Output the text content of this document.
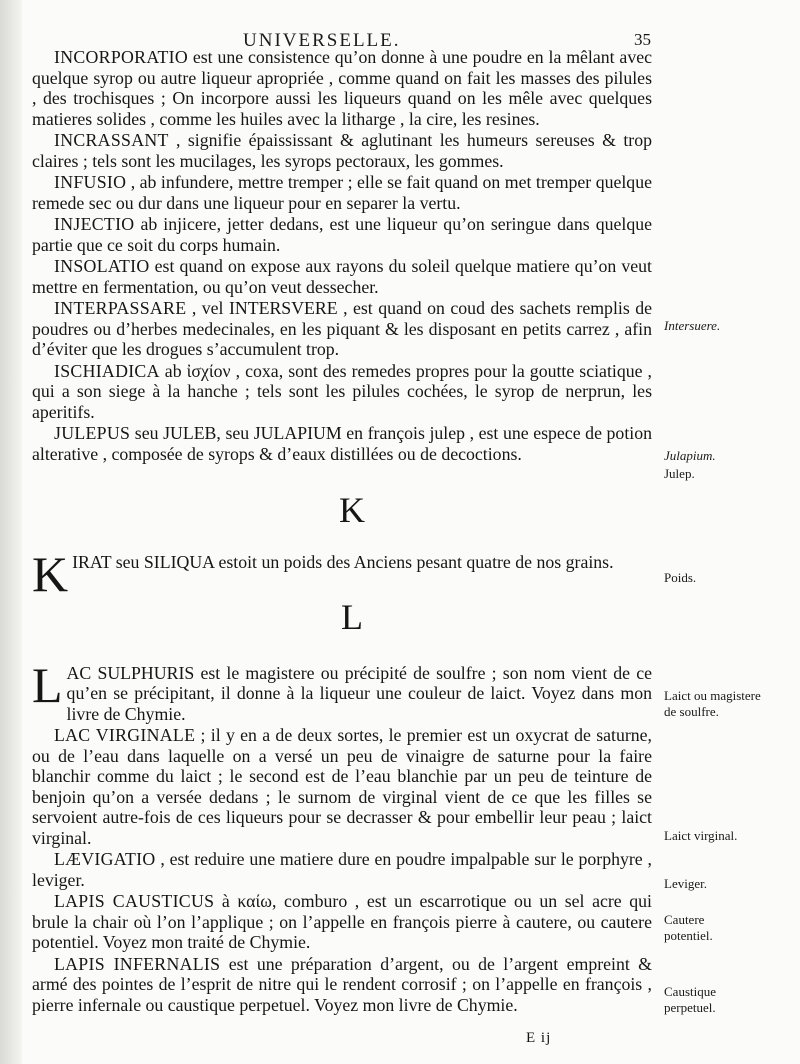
UNIVERSELLE.	35

INCORPORATIO est une consistence qu’on donne à une poudre en la mêlant avec quelque syrop ou autre liqueur apropriée , comme quand on fait les masses des pilules , des trochisques ; On incorpore aussi les liqueurs quand on les mêle avec quelques matieres solides , comme les huiles avec la litharge , la cire, les resines.

INCRASSANT , signifie épaississant & aglutinant les humeurs sereuses & trop claires ; tels sont les mucilages, les syrops pectoraux, les gommes.

INFUSIO , ab infundere, mettre tremper ; elle se fait quand on met tremper quelque remede sec ou dur dans une liqueur pour en separer la vertu.

INJECTIO ab injicere, jetter dedans, est une liqueur qu’on seringue dans quelque partie que ce soit du corps humain.

INSOLATIO est quand on expose aux rayons du soleil quelque matiere qu’on veut mettre en fermentation, ou qu’on veut dessecher.

INTERPASSARE , vel INTERSVERE , est quand on coud des sachets remplis de poudres ou d’herbes medecinales, en les piquant & les disposant en petits carrez , afin d’éviter que les drogues s’accumulent trop.

ISCHIADICA ab ἰσχίον , coxa, sont des remedes propres pour la goutte sciatique , qui a son siege à la hanche ; tels sont les pilules cochées, le syrop de nerprun, les aperitifs.

JULEPUS seu JULEB, seu JULAPIUM en françois julep , est une espece de potion alterative , composée de syrops & d’eaux distillées ou de decoctions.

K

KIRAT seu SILIQUA estoit un poids des Anciens pesant quatre de nos grains.

L

LAC SULPHURIS est le magistere ou précipité de soulfre ; son nom vient de ce qu’en se précipitant, il donne à la liqueur une couleur de laict. Voyez dans mon livre de Chymie.

LAC VIRGINALE ; il y en a de deux sortes, le premier est un oxycrat de saturne, ou de l’eau dans laquelle on a versé un peu de vinaigre de saturne pour la faire blanchir comme du laict ; le second est de l’eau blanchie par un peu de teinture de benjoin qu’on a versée dedans ; le surnom de virginal vient de ce que les filles se servoient autre-fois de ces liqueurs pour se decrasser & pour embellir leur peau ; laict virginal.

LÆVIGATIO , est reduire une matiere dure en poudre impalpable sur le porphyre , leviger.

LAPIS CAUSTICUS à καίω, comburo , est un escarrotique ou un sel acre qui brule la chair où l’on l’applique ; on l’appelle en françois pierre à cautere, ou cautere potentiel. Voyez mon traité de Chymie.

LAPIS INFERNALIS est une préparation d’argent, ou de l’argent empreint & armé des pointes de l’esprit de nitre qui le rendent corrosif ; on l’appelle en françois , pierre infernale ou caustique perpetuel. Voyez mon livre de Chymie.

Intersuere.
Julapium.
Julep.
Poids.
Laict ou magistere de soulfre.
Laict virginal.
Leviger.
Cautere potentiel.
Caustique perpetuel.
E ij
